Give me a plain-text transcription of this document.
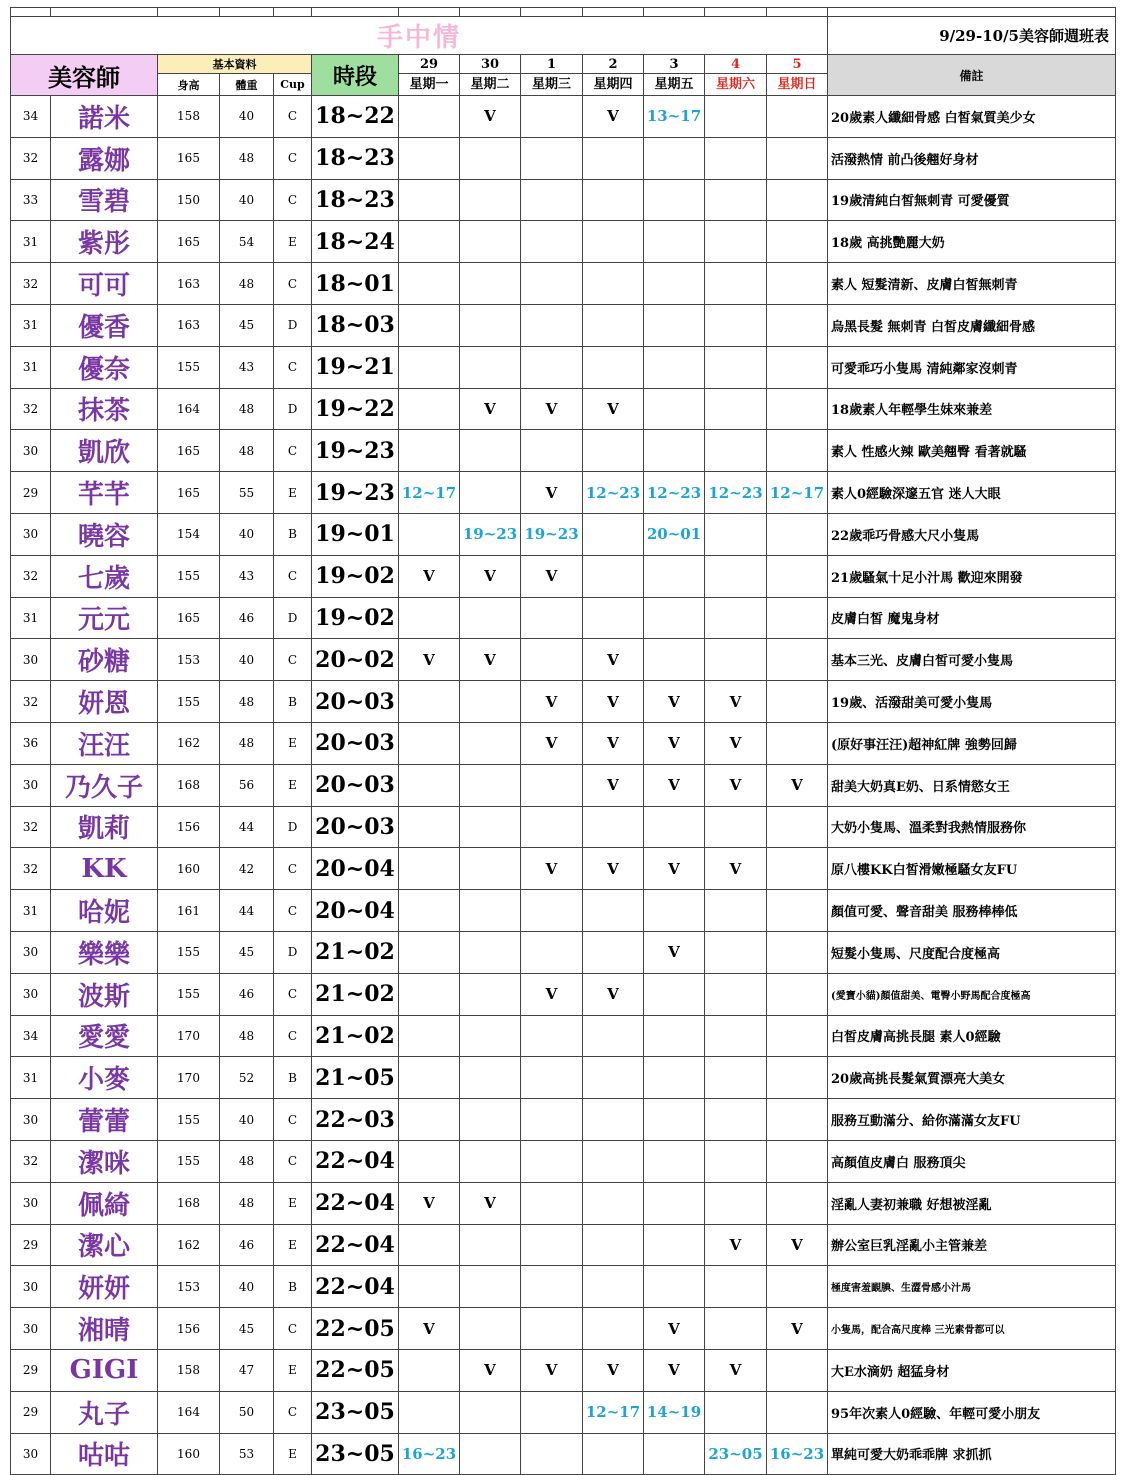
手中情													9/29-10/5美容師週班表
美容師		基本資料			時段	29	30	1	2	3	4	5	備註
		身高	體重	Cup		星期一	星期二	星期三	星期四	星期五	星期六	星期日	
34	諾米	158	40	C	18~22		V		V	13~17			20歲素人纖細骨感 白皙氣質美少女
32	露娜	165	48	C	18~23								活潑熱情 前凸後翹好身材
33	雪碧	150	40	C	18~23								19歲清純白皙無刺青 可愛優質
31	紫彤	165	54	E	18~24								18歲 高挑艷麗大奶
32	可可	163	48	C	18~01								素人 短髮清新、皮膚白皙無刺青
31	優香	163	45	D	18~03								烏黑長髮 無刺青 白皙皮膚纖細骨感
31	優奈	155	43	C	19~21								可愛乖巧小隻馬 清純鄰家沒刺青
32	抹茶	164	48	D	19~22		V	V	V				18歲素人年輕學生妹來兼差
30	凱欣	165	48	C	19~23								素人 性感火辣 歐美翹臀 看著就騷
29	芊芊	165	55	E	19~23	12~17		V	12~23	12~23	12~23	12~17	素人0經驗深邃五官 迷人大眼
30	曉容	154	40	B	19~01		19~23	19~23		20~01			22歲乖巧骨感大尺小隻馬
32	七歲	155	43	C	19~02	V	V	V					21歲騷氣十足小汁馬 歡迎來開發
31	元元	165	46	D	19~02								皮膚白皙 魔鬼身材
30	砂糖	153	40	C	20~02	V	V		V				基本三光、皮膚白皙可愛小隻馬
32	妍恩	155	48	B	20~03			V	V	V	V		19歲、活潑甜美可愛小隻馬
36	汪汪	162	48	E	20~03			V	V	V	V		(原好事汪汪)超神紅牌 強勢回歸
30	乃久子	168	56	E	20~03				V	V	V	V	甜美大奶真E奶、日系情慾女王
32	凱莉	156	44	D	20~03								大奶小隻馬、溫柔對我熱情服務你
32	KK	160	42	C	20~04			V	V	V	V		原八樓KK白皙滑嫩極騷女友FU
31	哈妮	161	44	C	20~04								顏值可愛、聲音甜美 服務棒棒低
30	樂樂	155	45	D	21~02					V			短髮小隻馬、尺度配合度極高
30	波斯	155	46	C	21~02			V	V				(愛寶小貓)顏值甜美、電臀小野馬配合度極高
34	愛愛	170	48	C	21~02								白皙皮膚高挑長腿 素人0經驗
31	小麥	170	52	B	21~05								20歲高挑長髮氣質漂亮大美女
30	蕾蕾	155	40	C	22~03								服務互動滿分、給你滿滿女友FU
32	潔咪	155	48	C	22~04								高顏值皮膚白 服務頂尖
30	佩綺	168	48	E	22~04	V	V						淫亂人妻初兼職 好想被淫亂
29	潔心	162	46	E	22~04						V	V	辦公室巨乳淫亂小主管兼差
30	妍妍	153	40	B	22~04								極度害羞靦腆、生澀骨感小汁馬
30	湘晴	156	45	C	22~05	V				V		V	小隻馬，配合高尺度棒 三光素骨都可以
29	GIGI	158	47	E	22~05		V	V	V	V	V		大E水滴奶 超猛身材
29	丸子	164	50	C	23~05				12~17	14~19			95年次素人0經驗、年輕可愛小朋友
30	咕咕	160	53	E	23~05	16~23					23~05	16~23	單純可愛大奶乖乖牌 求抓抓
